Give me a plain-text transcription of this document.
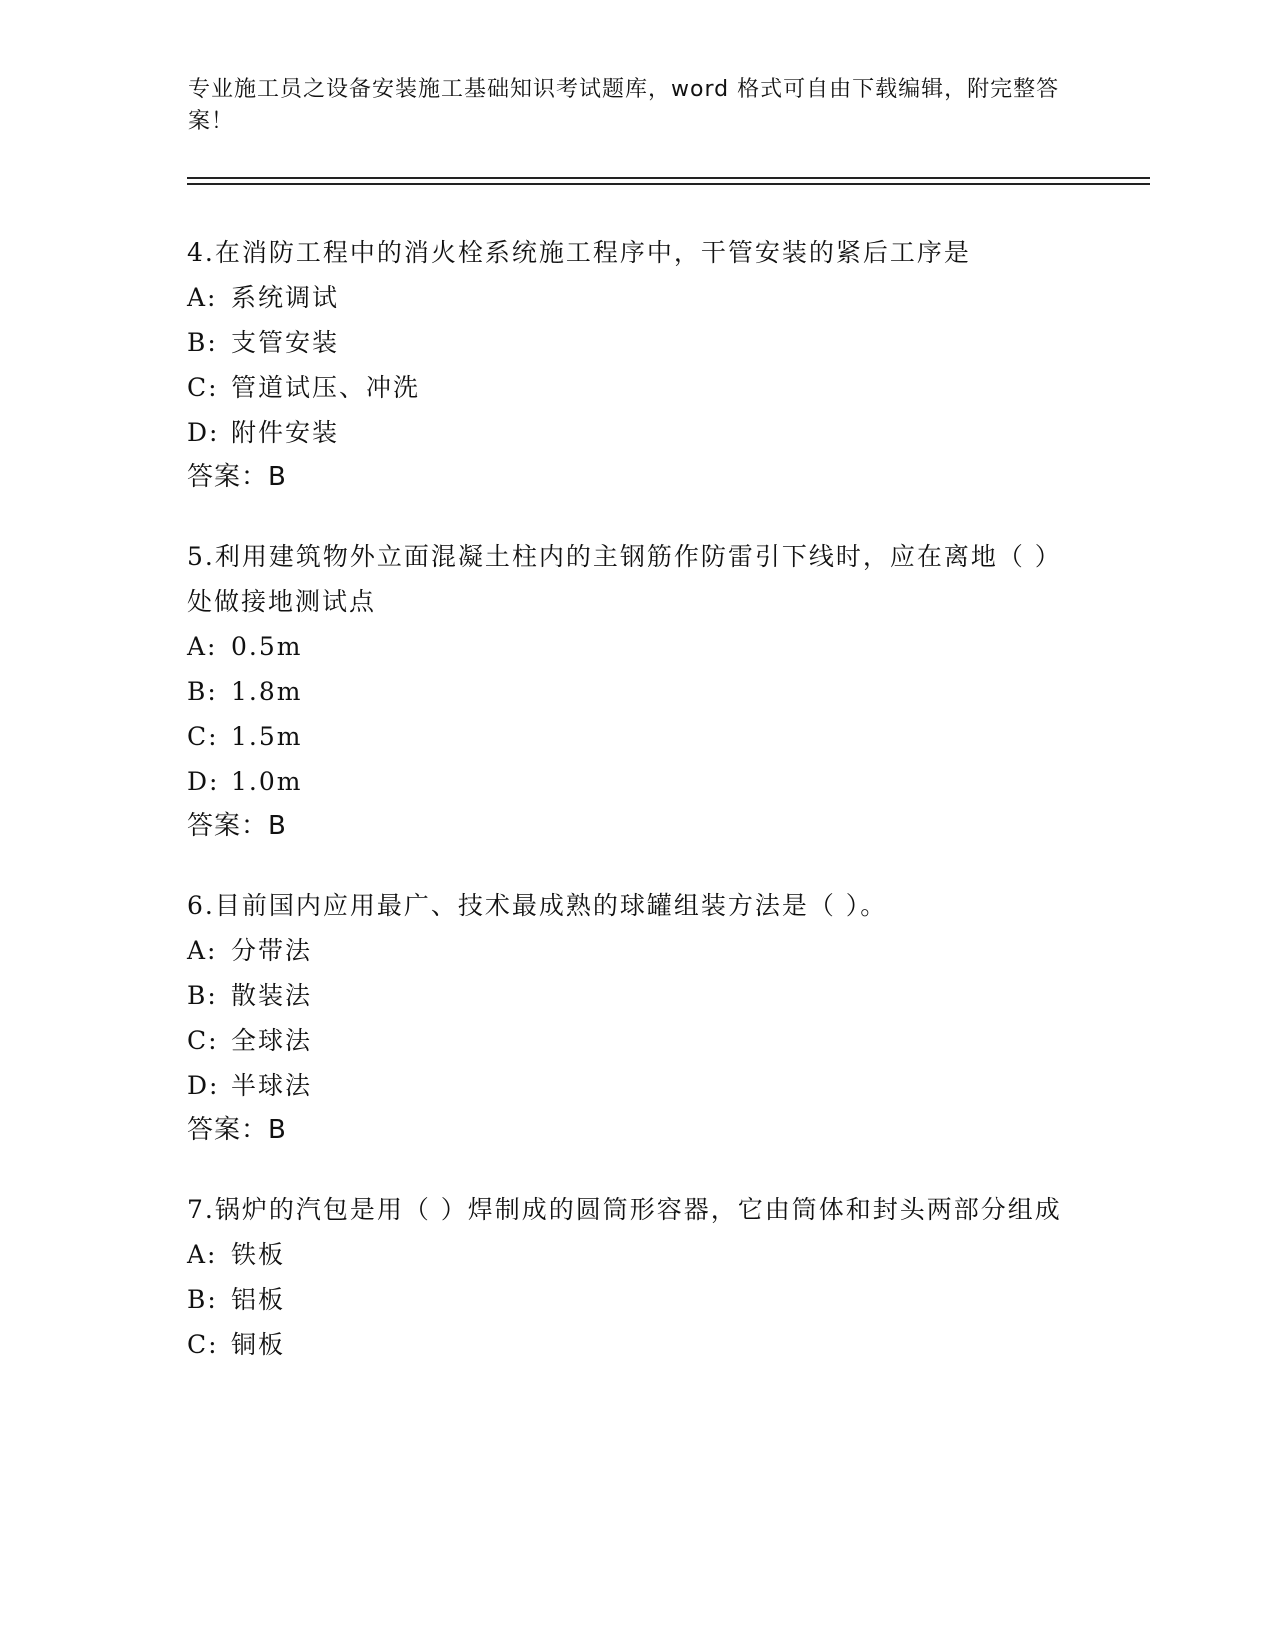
专业施工员之设备安装施工基础知识考试题库，word 格式可自由下载编辑，附完整答案！
4.在消防工程中的消火栓系统施工程序中，干管安装的紧后工序是
A: 系统调试
B: 支管安装
C: 管道试压、冲洗
D: 附件安装
答案：B
5.利用建筑物外立面混凝土柱内的主钢筋作防雷引下线时，应在离地（ ）处做接地测试点
A: 0.5m
B: 1.8m
C: 1.5m
D: 1.0m
答案：B
6.目前国内应用最广、技术最成熟的球罐组装方法是（ ）。
A: 分带法
B: 散装法
C: 全球法
D: 半球法
答案：B
7.锅炉的汽包是用（ ）焊制成的圆筒形容器，它由筒体和封头两部分组成
A: 铁板
B: 铝板
C: 铜板
